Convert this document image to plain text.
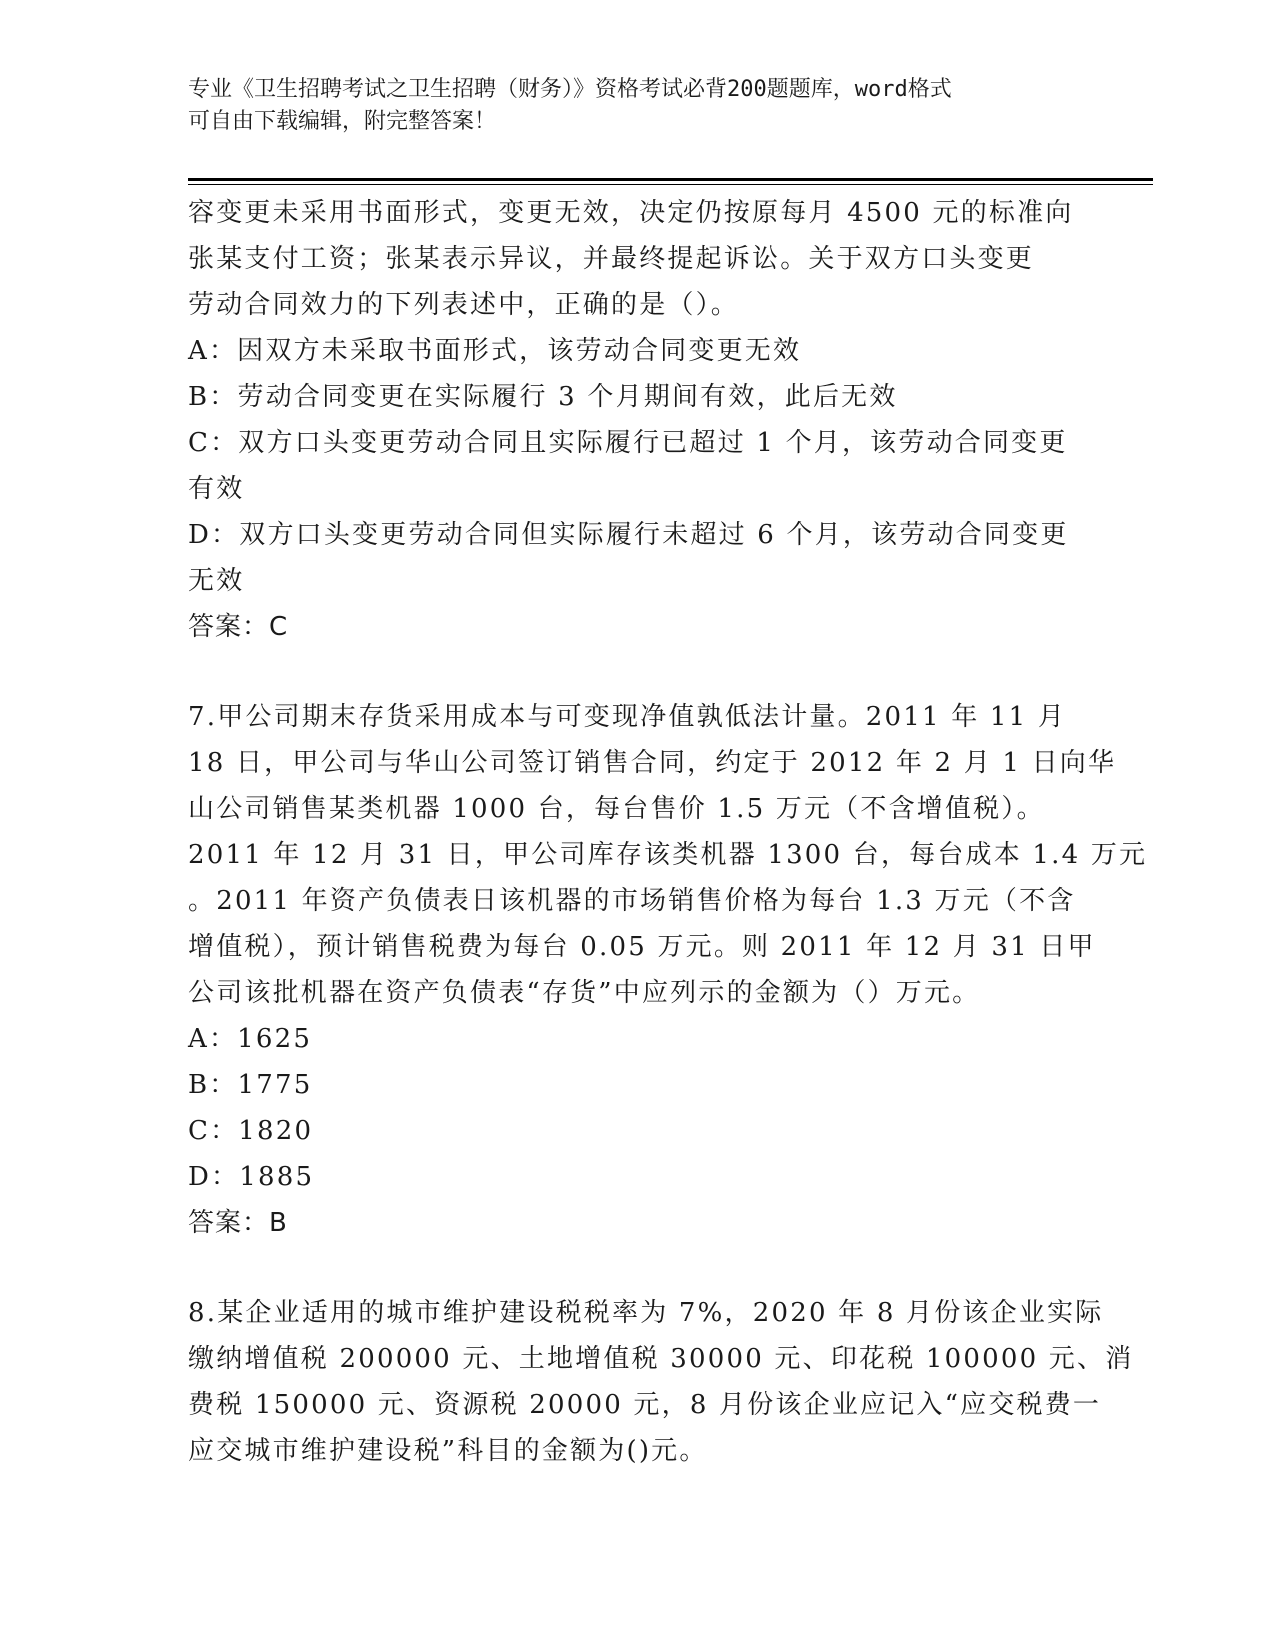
专业《卫生招聘考试之卫生招聘（财务）》资格考试必背200题题库，word格式
可自由下载编辑，附完整答案！
容变更未采用书面形式，变更无效，决定仍按原每月 4500 元的标准向
张某支付工资；张某表示异议，并最终提起诉讼。关于双方口头变更
劳动合同效力的下列表述中，正确的是（）。
A：因双方未采取书面形式，该劳动合同变更无效
B：劳动合同变更在实际履行 3 个月期间有效，此后无效
C：双方口头变更劳动合同且实际履行已超过 1 个月，该劳动合同变更
有效
D：双方口头变更劳动合同但实际履行未超过 6 个月，该劳动合同变更
无效
答案：C
7.甲公司期末存货采用成本与可变现净值孰低法计量。2011 年 11 月
18 日，甲公司与华山公司签订销售合同，约定于 2012 年 2 月 1 日向华
山公司销售某类机器 1000 台，每台售价 1.5 万元（不含增值税）。
2011 年 12 月 31 日，甲公司库存该类机器 1300 台，每台成本 1.4 万元
。2011 年资产负债表日该机器的市场销售价格为每台 1.3 万元（不含
增值税），预计销售税费为每台 0.05 万元。则 2011 年 12 月 31 日甲
公司该批机器在资产负债表“存货”中应列示的金额为（）万元。
A：1625
B：1775
C：1820
D：1885
答案：B
8.某企业适用的城市维护建设税税率为 7%，2020 年 8 月份该企业实际
缴纳增值税 200000 元、土地增值税 30000 元、印花税 100000 元、消
费税 150000 元、资源税 20000 元，8 月份该企业应记入“应交税费一
应交城市维护建设税”科目的金额为()元。
